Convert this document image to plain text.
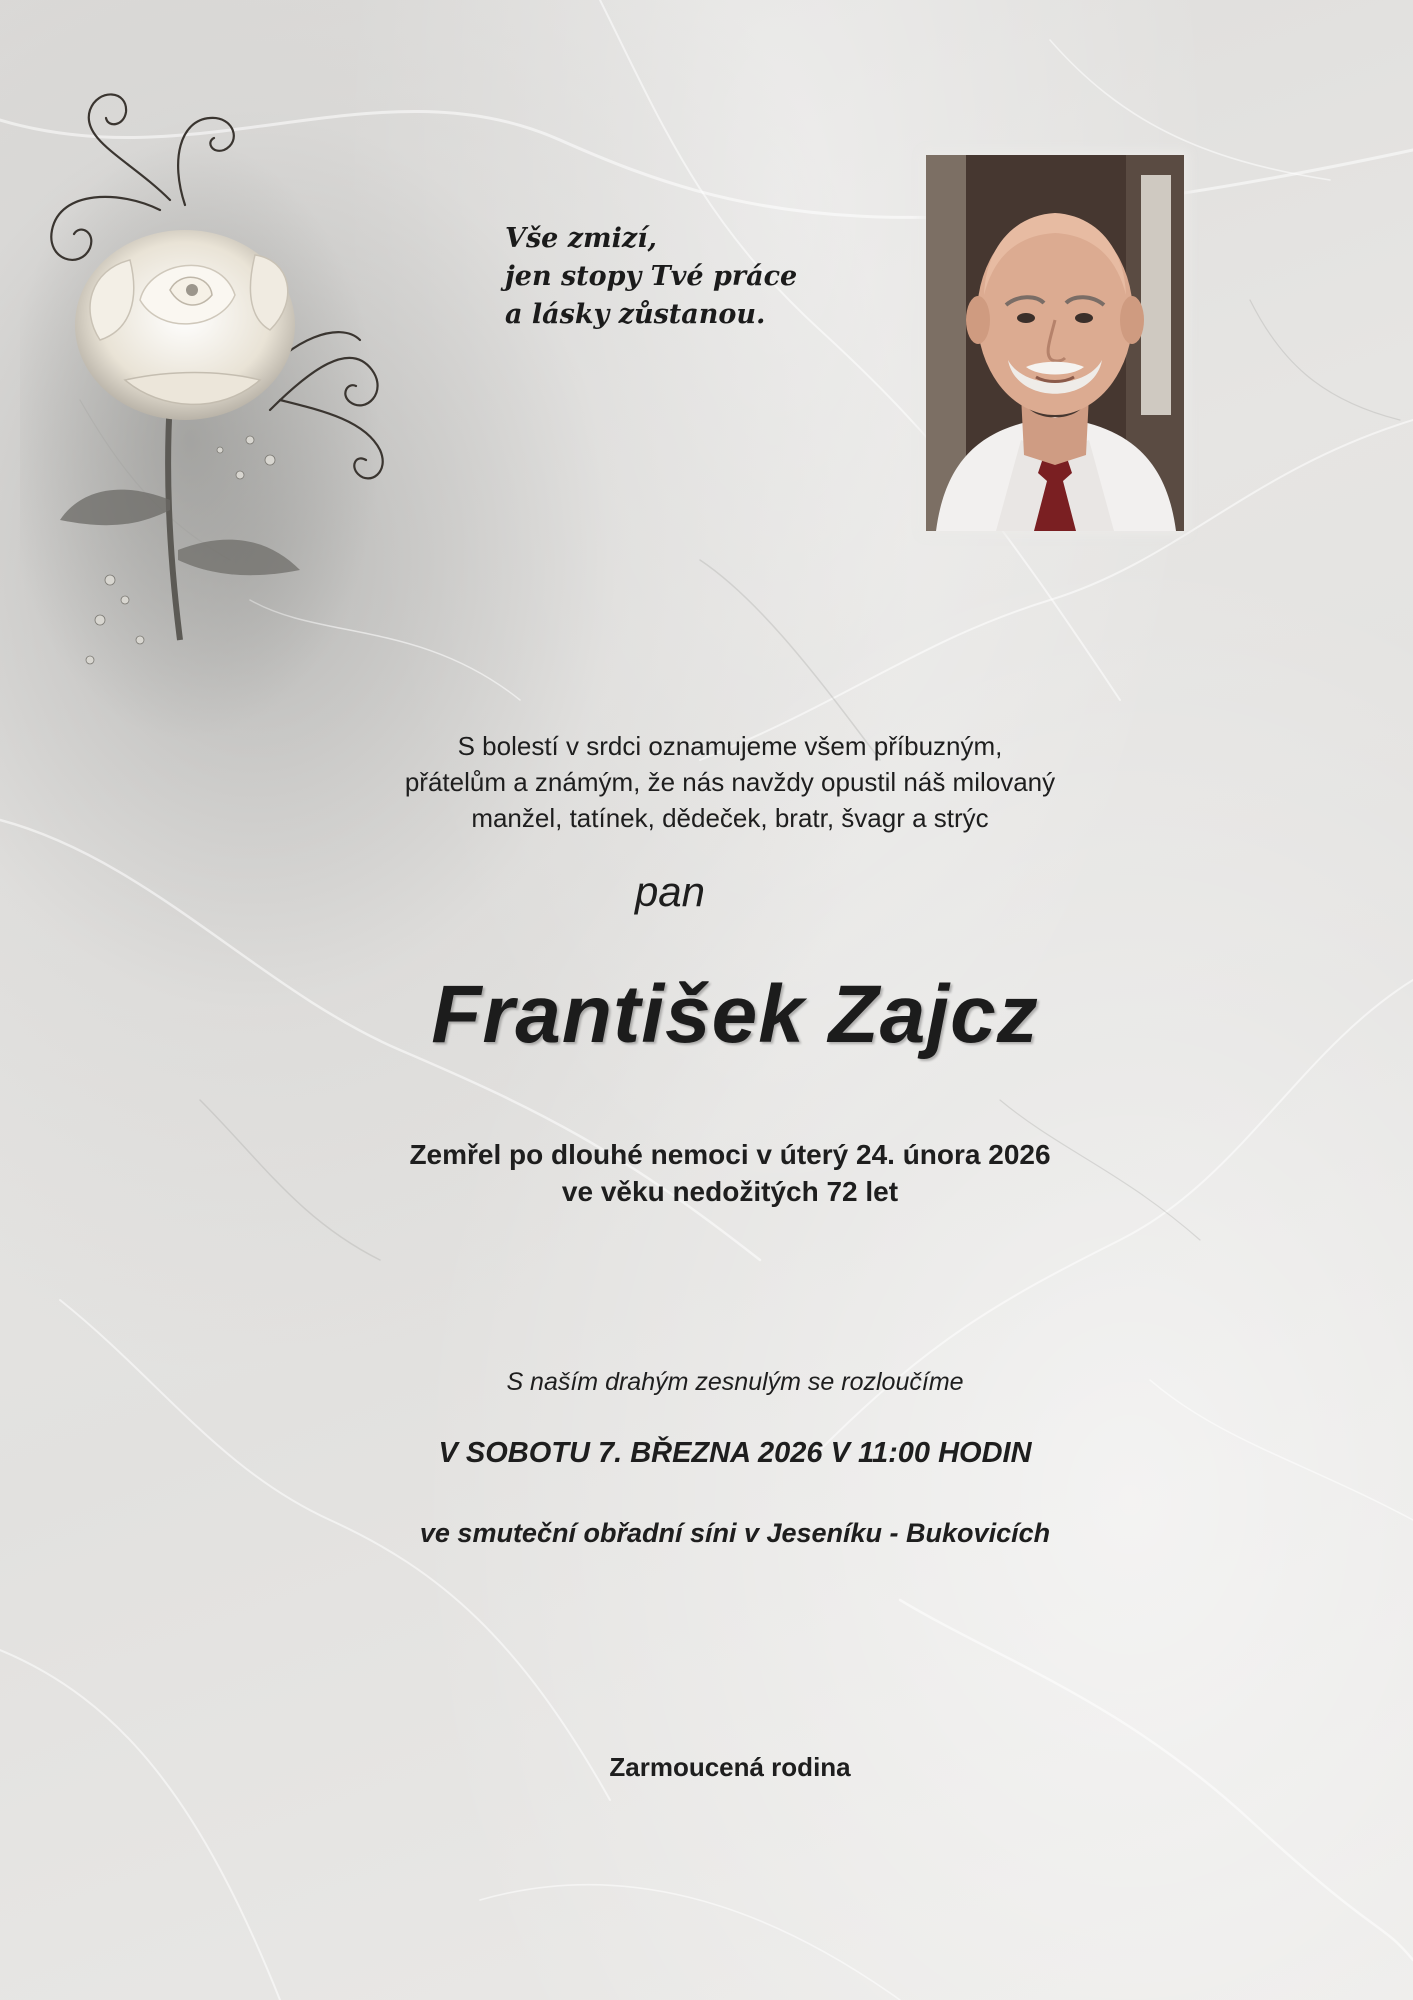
Vše zmizí,
jen stopy Tvé práce
a lásky zůstanou.
S bolestí v srdci oznamujeme všem příbuzným,
přátelům a známým, že nás navždy opustil náš milovaný
manžel, tatínek, dědeček, bratr, švagr a strýc
pan
František Zajcz
Zemřel po dlouhé nemoci v úterý 24. února 2026
ve věku nedožitých 72 let
S naším drahým zesnulým se rozloučíme
V SOBOTU 7. BŘEZNA 2026 V 11:00 HODIN
ve smuteční obřadní síni v Jeseníku - Bukovicích
Zarmoucená rodina
